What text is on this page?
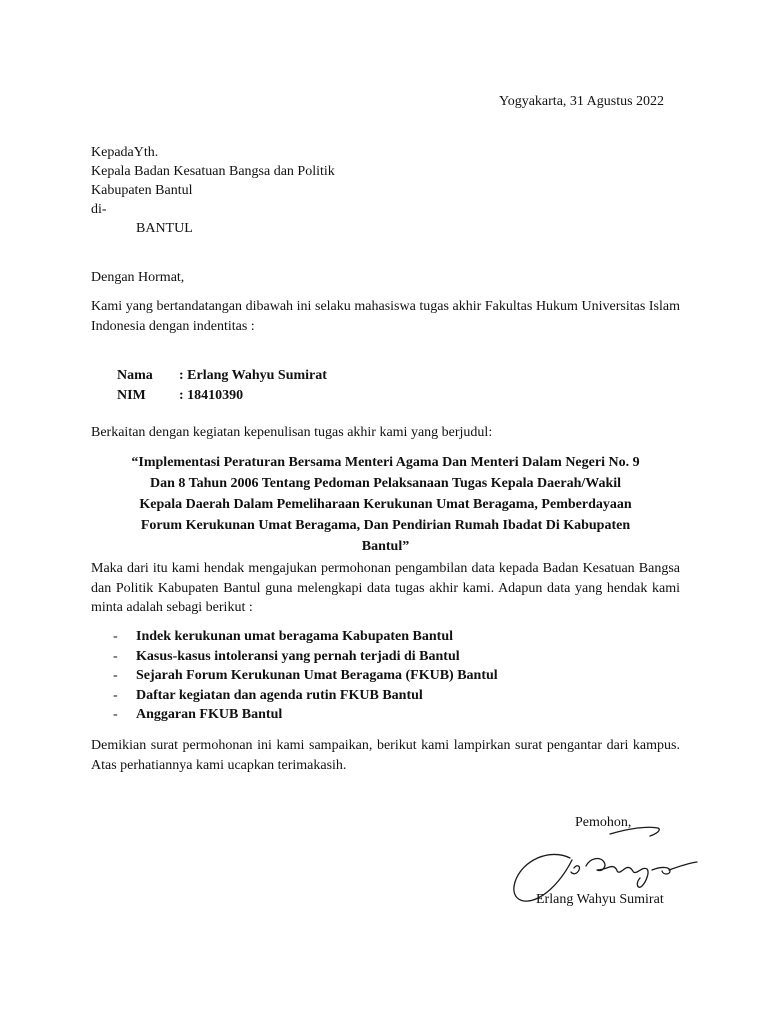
Yogyakarta, 31 Agustus 2022

KepadaYth.

Kepala Badan Kesatuan Bangsa dan Politik

Kabupaten Bantul

di-

BANTUL

Dengan Hormat,

Kami yang bertandatangan dibawah ini selaku mahasiswa tugas akhir Fakultas Hukum Universitas Islam Indonesia dengan indentitas :

Nama : Erlang Wahyu Sumirat

NIM : 18410390

Berkaitan dengan kegiatan kepenulisan tugas akhir kami yang berjudul:

“Implementasi Peraturan Bersama Menteri Agama Dan Menteri Dalam Negeri No. 9
Dan 8 Tahun 2006 Tentang Pedoman Pelaksanaan Tugas Kepala Daerah/Wakil
Kepala Daerah Dalam Pemeliharaan Kerukunan Umat Beragama, Pemberdayaan
Forum Kerukunan Umat Beragama, Dan Pendirian Rumah Ibadat Di Kabupaten
Bantul”

Maka dari itu kami hendak mengajukan permohonan pengambilan data kepada Badan Kesatuan Bangsa dan Politik Kabupaten Bantul guna melengkapi data tugas akhir kami. Adapun data yang hendak kami minta adalah sebagi berikut :

- Indek kerukunan umat beragama Kabupaten Bantul
- Kasus-kasus intoleransi yang pernah terjadi di Bantul
- Sejarah Forum Kerukunan Umat Beragama (FKUB) Bantul
- Daftar kegiatan dan agenda rutin FKUB Bantul
- Anggaran FKUB Bantul

Demikian surat permohonan ini kami sampaikan, berikut kami lampirkan surat pengantar dari kampus. Atas perhatiannya kami ucapkan terimakasih.

Pemohon,

Erlang Wahyu Sumirat
